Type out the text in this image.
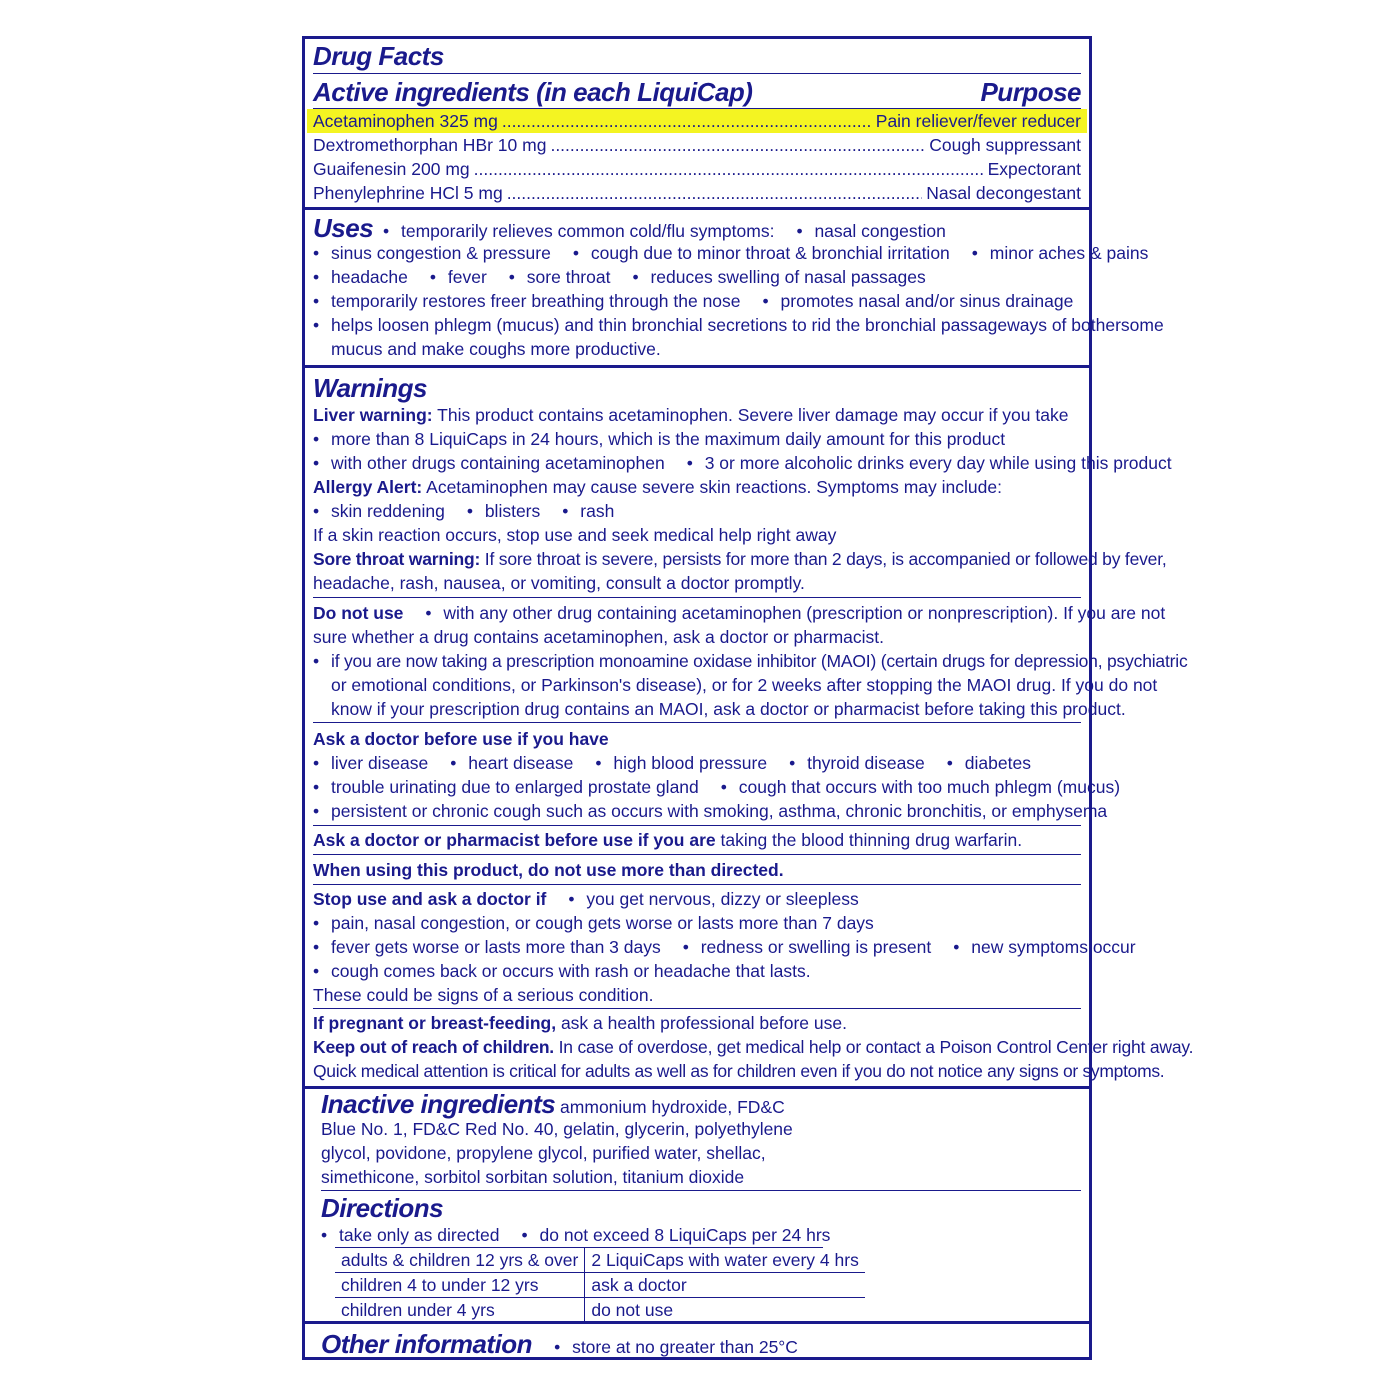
Drug Facts
Active ingredients (in each LiquiCap)	Purpose
Acetaminophen 325 mg .....	Pain reliever/fever reducer
Dextromethorphan HBr 10 mg .....	Cough suppressant
Guaifenesin 200 mg .....	Expectorant
Phenylephrine HCl 5 mg .....	Nasal decongestant
Uses • temporarily relieves common cold/flu symptoms: • nasal congestion
• sinus congestion & pressure • cough due to minor throat & bronchial irritation • minor aches & pains
• headache • fever • sore throat • reduces swelling of nasal passages
• temporarily restores freer breathing through the nose • promotes nasal and/or sinus drainage
• helps loosen phlegm (mucus) and thin bronchial secretions to rid the bronchial passageways of bothersome
mucus and make coughs more productive.
Warnings
Liver warning: This product contains acetaminophen. Severe liver damage may occur if you take
• more than 8 LiquiCaps in 24 hours, which is the maximum daily amount for this product
• with other drugs containing acetaminophen • 3 or more alcoholic drinks every day while using this product
Allergy Alert: Acetaminophen may cause severe skin reactions. Symptoms may include:
• skin reddening • blisters • rash
If a skin reaction occurs, stop use and seek medical help right away
Sore throat warning: If sore throat is severe, persists for more than 2 days, is accompanied or followed by fever,
headache, rash, nausea, or vomiting, consult a doctor promptly.
Do not use • with any other drug containing acetaminophen (prescription or nonprescription). If you are not
sure whether a drug contains acetaminophen, ask a doctor or pharmacist.
• if you are now taking a prescription monoamine oxidase inhibitor (MAOI) (certain drugs for depression, psychiatric
or emotional conditions, or Parkinson's disease), or for 2 weeks after stopping the MAOI drug. If you do not
know if your prescription drug contains an MAOI, ask a doctor or pharmacist before taking this product.
Ask a doctor before use if you have
• liver disease • heart disease • high blood pressure • thyroid disease • diabetes
• trouble urinating due to enlarged prostate gland • cough that occurs with too much phlegm (mucus)
• persistent or chronic cough such as occurs with smoking, asthma, chronic bronchitis, or emphysema
Ask a doctor or pharmacist before use if you are taking the blood thinning drug warfarin.
When using this product, do not use more than directed.
Stop use and ask a doctor if • you get nervous, dizzy or sleepless
• pain, nasal congestion, or cough gets worse or lasts more than 7 days
• fever gets worse or lasts more than 3 days • redness or swelling is present • new symptoms occur
• cough comes back or occurs with rash or headache that lasts.
These could be signs of a serious condition.
If pregnant or breast-feeding, ask a health professional before use.
Keep out of reach of children. In case of overdose, get medical help or contact a Poison Control Center right away.
Quick medical attention is critical for adults as well as for children even if you do not notice any signs or symptoms.
Inactive ingredients ammonium hydroxide, FD&C
Blue No. 1, FD&C Red No. 40, gelatin, glycerin, polyethylene
glycol, povidone, propylene glycol, purified water, shellac,
simethicone, sorbitol sorbitan solution, titanium dioxide
Directions
• take only as directed • do not exceed 8 LiquiCaps per 24 hrs
adults & children 12 yrs & over	2 LiquiCaps with water every 4 hrs
children 4 to under 12 yrs	ask a doctor
children under 4 yrs	do not use
Other information • store at no greater than 25°C
